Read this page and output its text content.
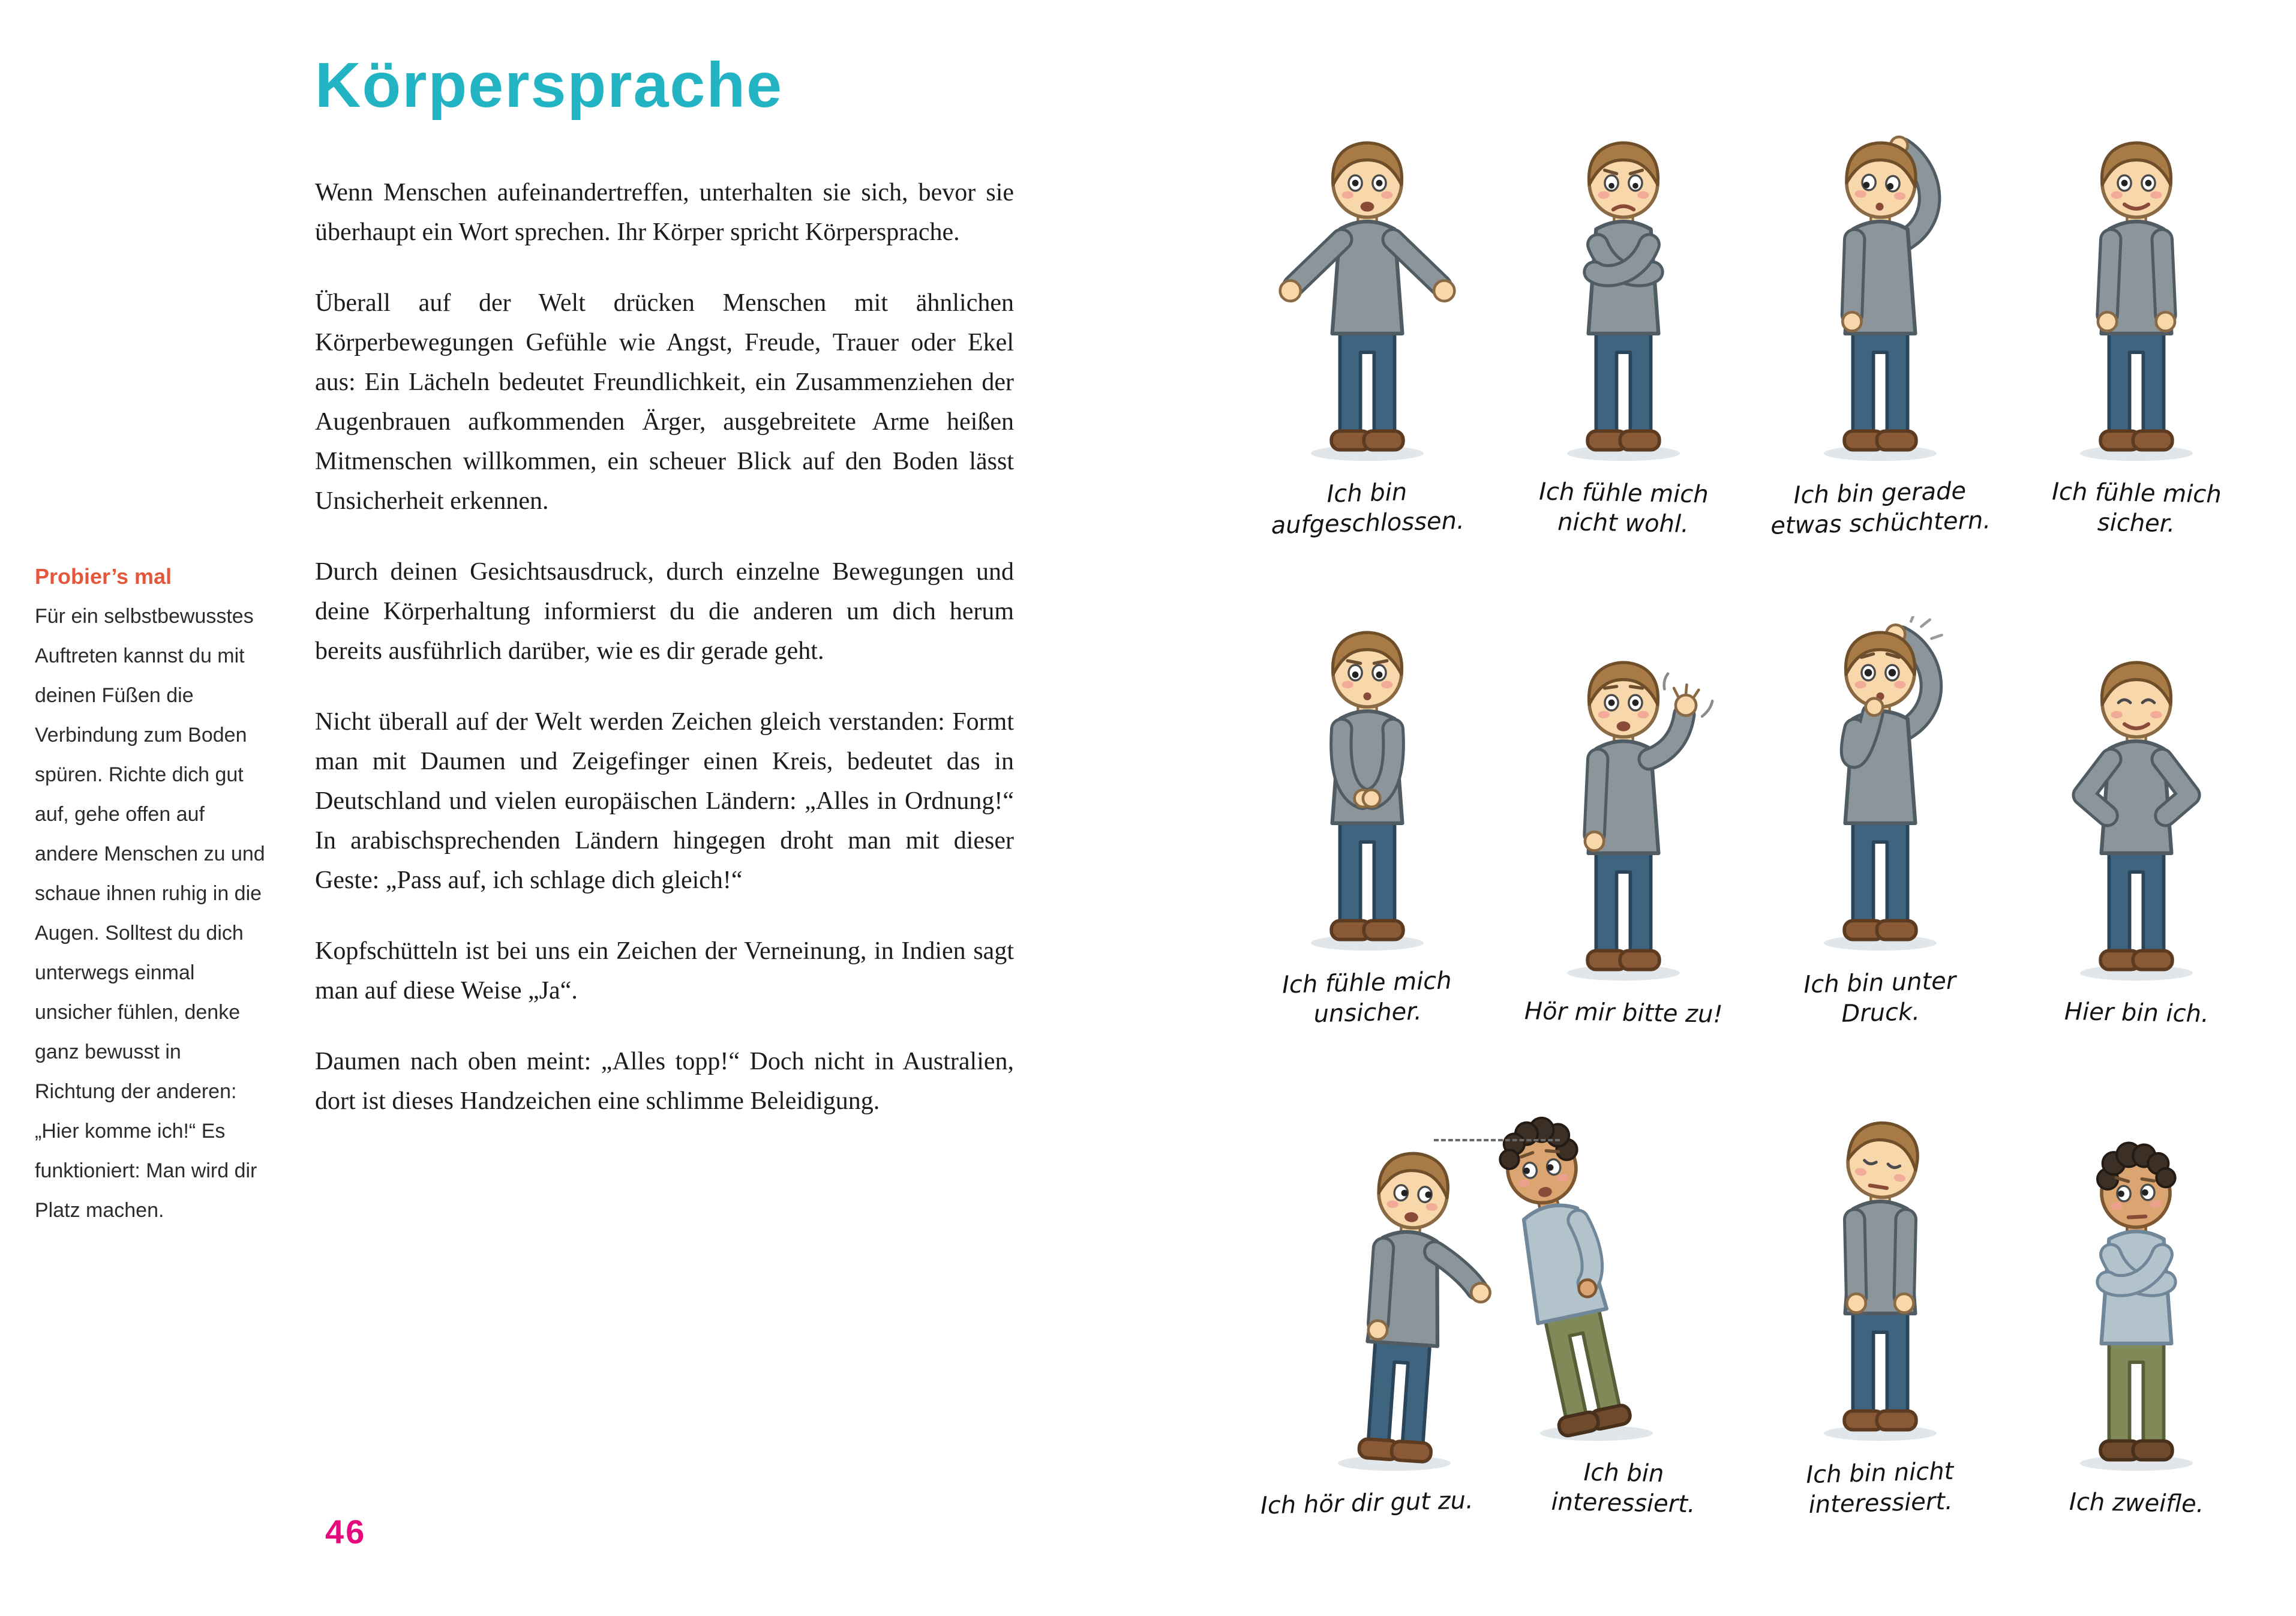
Körpersprache

Wenn Menschen aufeinandertreffen, unterhalten sie sich, bevor sie überhaupt ein Wort sprechen. Ihr Körper spricht Körpersprache.

Überall auf der Welt drücken Menschen mit ähnlichen Körperbewegungen Gefühle wie Angst, Freude, Trauer oder Ekel aus: Ein Lächeln bedeutet Freundlichkeit, ein Zusammenziehen der Augenbrauen aufkommenden Ärger, ausgebreitete Arme heißen Mitmenschen willkommen, ein scheuer Blick auf den Boden lässt Unsicherheit erkennen.

Durch deinen Gesichtsausdruck, durch einzelne Bewegungen und deine Körperhaltung informierst du die anderen um dich herum bereits ausführlich darüber, wie es dir gerade geht.

Nicht überall auf der Welt werden Zeichen gleich verstanden: Formt man mit Daumen und Zeigefinger einen Kreis, bedeutet das in Deutschland und vielen europäischen Ländern: „Alles in Ordnung!“ In arabischsprechenden Ländern hingegen droht man mit dieser Geste: „Pass auf, ich schlage dich gleich!“

Kopfschütteln ist bei uns ein Zeichen der Verneinung, in Indien sagt man auf diese Weise „Ja“.

Daumen nach oben meint: „Alles topp!“ Doch nicht in Australien, dort ist dieses Handzeichen eine schlimme Beleidigung.

Probier’s mal

Für ein selbstbewusstes Auftreten kannst du mit deinen Füßen die Verbindung zum Boden spüren. Richte dich gut auf, gehe offen auf andere Menschen zu und schaue ihnen ruhig in die Augen. Solltest du dich unterwegs einmal unsicher fühlen, denke ganz bewusst in Richtung der anderen: „Hier komme ich!“ Es funktioniert: Man wird dir Platz machen.

46
Ich bin aufgeschlossen.
Ich fühle mich nicht wohl.
Ich bin gerade etwas schüchtern.
Ich fühle mich sicher.
Ich fühle mich unsicher.	Hör mir bitte zu!
Ich bin unter Druck.	Hier bin ich.
Ich hör dir gut zu.
Ich bin interessiert.
Ich bin nicht interessiert.	Ich zweifle.
